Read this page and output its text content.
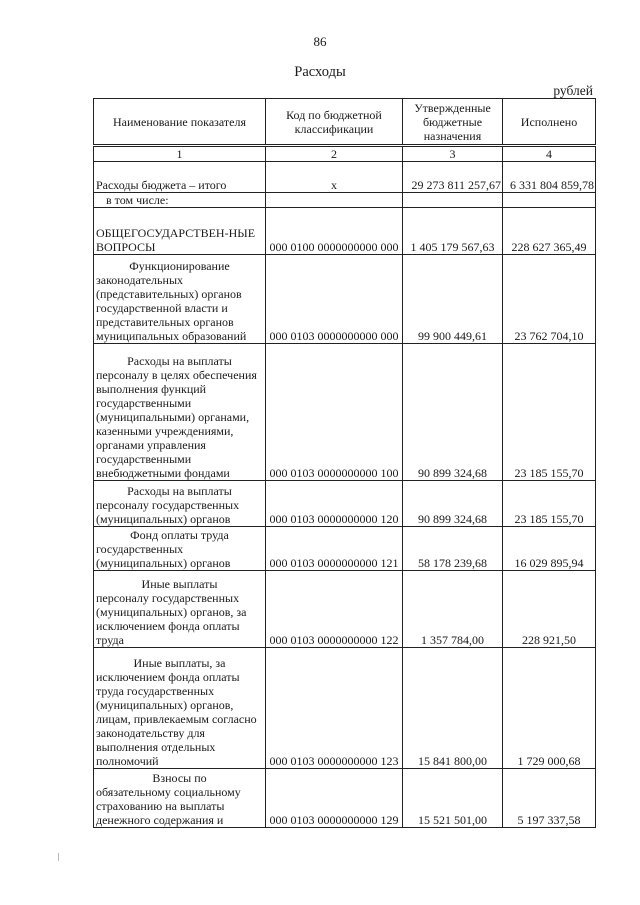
86
Расходы
рублей
Наименование показателя	Код по бюджетной классификации	Утвержденные бюджетные назначения	Исполнено
1	2	3	4
Расходы бюджета – итого	x	29 273 811 257,67	6 331 804 859,78
в том числе:			

ОБЩЕГОСУДАРСТВЕН-НЫЕ ВОПРОСЫ	000 0100 0000000000 000	1 405 179 567,63	228 627 365,49

Функционирование
законодательных (представительных) органов государственной власти и представительных органов муниципальных образований	000 0103 0000000000 000	99 900 449,61	23 762 704,10

Расходы на выплаты
персоналу в целях обеспечения выполнения функций государственными (муниципальными) органами, казенными учреждениями, органами управления государственными внебюджетными фондами	000 0103 0000000000 100	90 899 324,68	23 185 155,70

Расходы на выплаты
персоналу государственных (муниципальных) органов	000 0103 0000000000 120	90 899 324,68	23 185 155,70

Фонд оплаты труда
государственных (муниципальных) органов	000 0103 0000000000 121	58 178 239,68	16 029 895,94

Иные выплаты
персоналу государственных (муниципальных) органов, за исключением фонда оплаты труда	000 0103 0000000000 122	1 357 784,00	228 921,50

Иные выплаты, за
исключением фонда оплаты труда государственных (муниципальных) органов, лицам, привлекаемым согласно законодательству для выполнения отдельных полномочий	000 0103 0000000000 123	15 841 800,00	1 729 000,68

Взносы по
обязательному социальному страхованию на выплаты денежного содержания и	000 0103 0000000000 129	15 521 501,00	5 197 337,58
